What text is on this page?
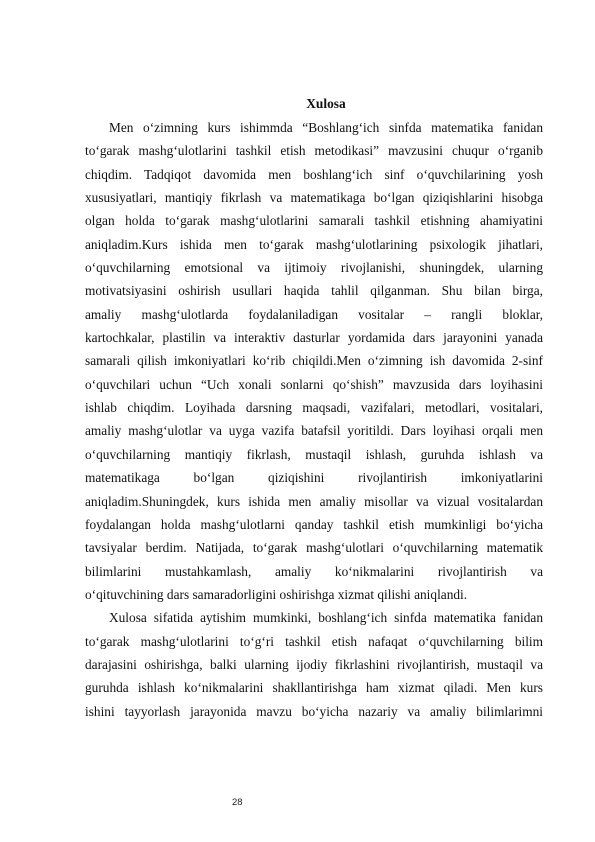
Xulosa
Men o‘zimning kurs ishimmda “Boshlang‘ich sinfda matematika fanidan
to‘garak mashg‘ulotlarini tashkil etish metodikasi” mavzusini chuqur o‘rganib
chiqdim. Tadqiqot davomida men boshlang‘ich sinf o‘quvchilarining yosh
xususiyatlari, mantiqiy fikrlash va matematikaga bo‘lgan qiziqishlarini hisobga
olgan holda to‘garak mashg‘ulotlarini samarali tashkil etishning ahamiyatini
aniqladim.Kurs ishida men to‘garak mashg‘ulotlarining psixologik jihatlari,
o‘quvchilarning emotsional va ijtimoiy rivojlanishi, shuningdek, ularning
motivatsiyasini oshirish usullari haqida tahlil qilganman. Shu bilan birga,
amaliy mashg‘ulotlarda foydalaniladigan vositalar – rangli bloklar,
kartochkalar, plastilin va interaktiv dasturlar yordamida dars jarayonini yanada
samarali qilish imkoniyatlari ko‘rib chiqildi.Men o‘zimning ish davomida 2-sinf
o‘quvchilari uchun “Uch xonali sonlarni qo‘shish” mavzusida dars loyihasini
ishlab chiqdim. Loyihada darsning maqsadi, vazifalari, metodlari, vositalari,
amaliy mashg‘ulotlar va uyga vazifa batafsil yoritildi. Dars loyihasi orqali men
o‘quvchilarning mantiqiy fikrlash, mustaqil ishlash, guruhda ishlash va
matematikaga bo‘lgan qiziqishini rivojlantirish imkoniyatlarini
aniqladim.Shuningdek, kurs ishida men amaliy misollar va vizual vositalardan
foydalangan holda mashg‘ulotlarni qanday tashkil etish mumkinligi bo‘yicha
tavsiyalar berdim. Natijada, to‘garak mashg‘ulotlari o‘quvchilarning matematik
bilimlarini mustahkamlash, amaliy ko‘nikmalarini rivojlantirish va
o‘qituvchining dars samaradorligini oshirishga xizmat qilishi aniqlandi.
Xulosa sifatida aytishim mumkinki, boshlang‘ich sinfda matematika fanidan
to‘garak mashg‘ulotlarini to‘g‘ri tashkil etish nafaqat o‘quvchilarning bilim
darajasini oshirishga, balki ularning ijodiy fikrlashini rivojlantirish, mustaqil va
guruhda ishlash ko‘nikmalarini shakllantirishga ham xizmat qiladi. Men kurs
ishini tayyorlash jarayonida mavzu bo‘yicha nazariy va amaliy bilimlarimni
28
